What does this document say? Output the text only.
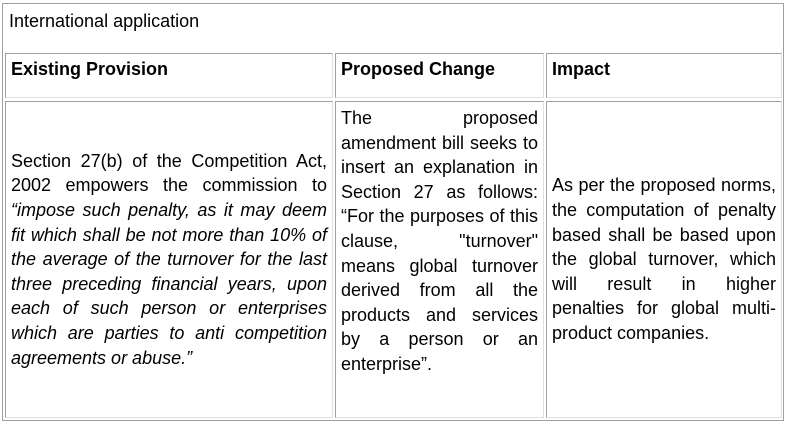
International application
Existing Provision	Proposed Change	Impact

Section 27(b) of the Competition Act, 2002 empowers the commission to “impose such penalty, as it may deem fit which shall be not more than 10% of the average of the turnover for the last three preceding financial years, upon each of such person or enterprises which are parties to anti competition agreements or abuse.”

The proposed amendment bill seeks to insert an explanation in Section 27 as follows: “For the purposes of this clause, "turnover" means global turnover derived from all the products and services by a person or an enterprise”.

As per the proposed norms, the computation of penalty based shall be based upon the global turnover, which will result in higher penalties for global multi-product companies.
